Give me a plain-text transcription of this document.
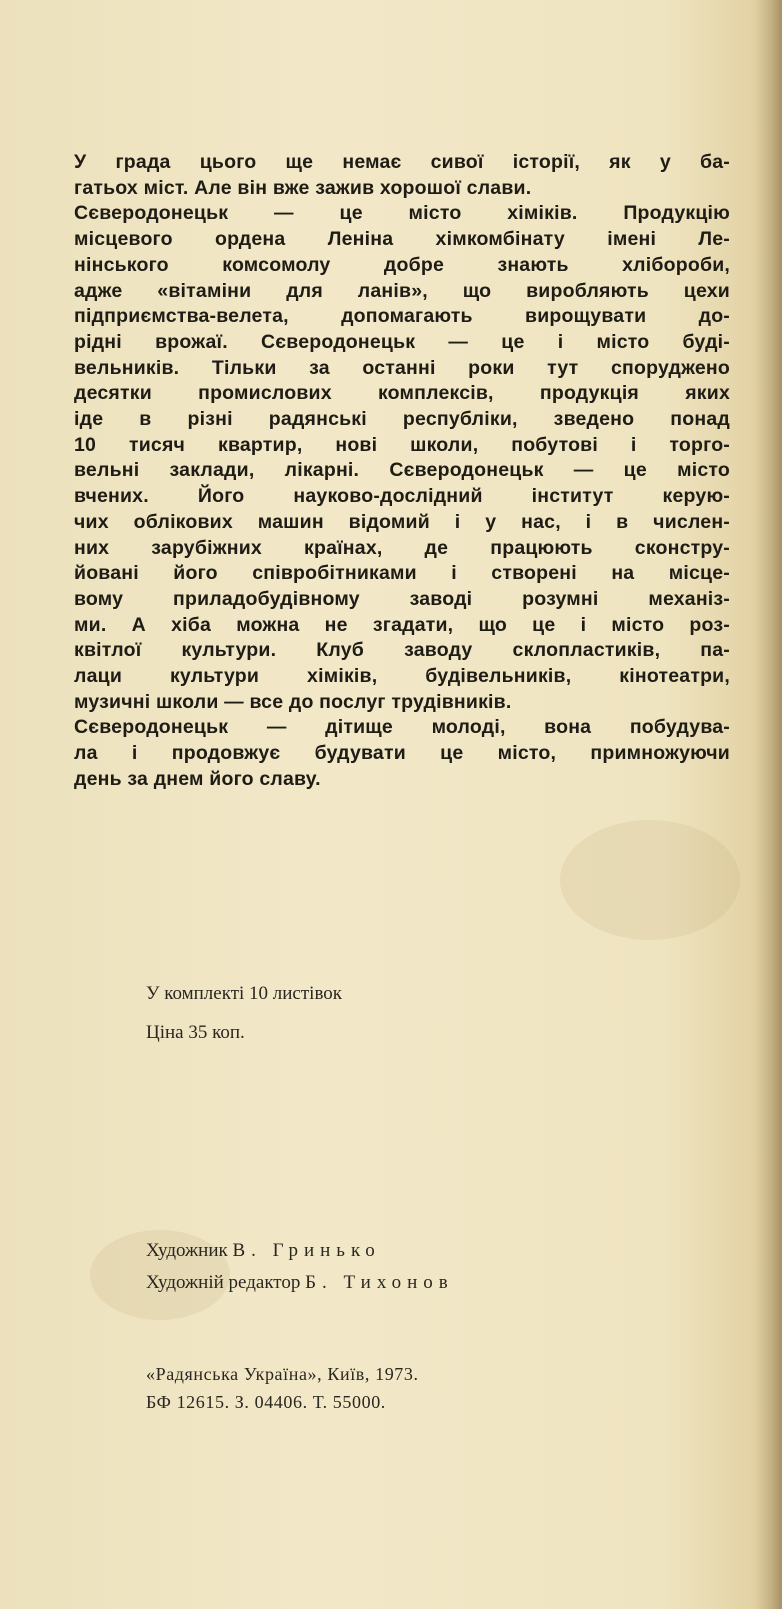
У града цього ще немає сивої історії, як у ба-
гатьох міст. Але він вже зажив хорошої слави.
Сєверодонецьк — це місто хіміків. Продукцію
місцевого ордена Леніна хімкомбінату імені Ле-
нінського комсомолу добре знають хлібороби,
адже «вітаміни для ланів», що виробляють цехи
підприємства-велета, допомагають вирощувати до-
рідні врожаї. Сєверодонецьк — це і місто буді-
вельників. Тільки за останні роки тут споруджено
десятки промислових комплексів, продукція яких
іде в різні радянські республіки, зведено понад
10 тисяч квартир, нові школи, побутові і торго-
вельні заклади, лікарні. Сєверодонецьк — це місто
вчених. Його науково-дослідний інститут керую-
чих облікових машин відомий і у нас, і в числен-
них зарубіжних країнах, де працюють сконстру-
йовані його співробітниками і створені на місце-
вому приладобудівному заводі розумні механіз-
ми. А хіба можна не згадати, що це і місто роз-
квітлої культури. Клуб заводу склопластиків, па-
лаци культури хіміків, будівельників, кінотеатри,
музичні школи — все до послуг трудівників.
Сєверодонецьк — дітище молоді, вона побудува-
ла і продовжує будувати це місто, примножуючи
день за днем його славу.
У комплекті 10 листівок
Ціна 35 коп.
Художник В. Гринько
Художній редактор Б. Тихонов
«Радянська Україна», Київ, 1973.
БФ 12615. З. 04406. Т. 55000.
